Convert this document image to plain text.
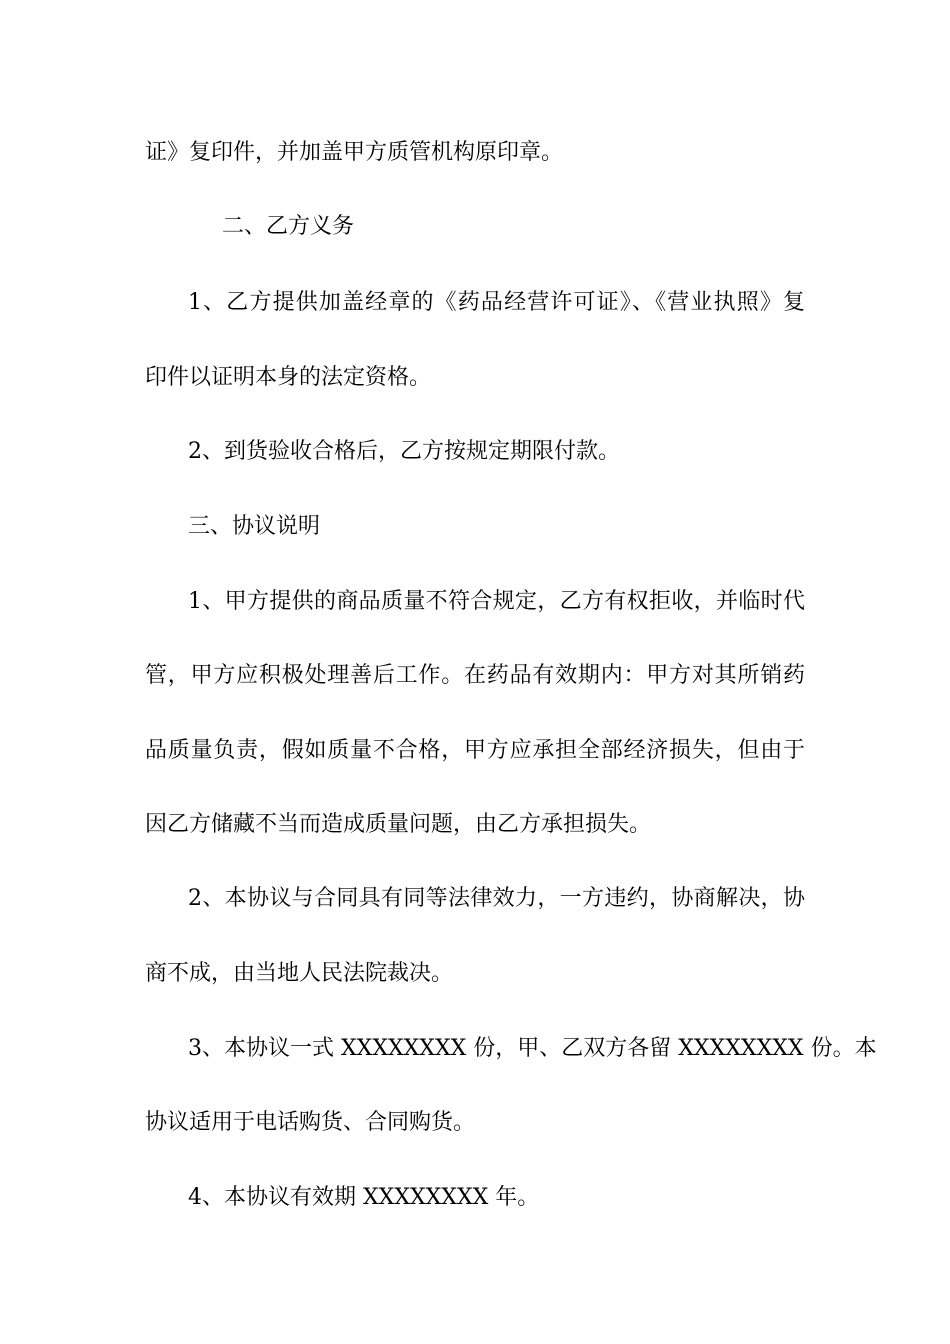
证》复印件，并加盖甲方质管机构原印章。
二、乙方义务
1、乙方提供加盖经章的《药品经营许可证》、《营业执照》复
印件以证明本身的法定资格。
2、到货验收合格后，乙方按规定期限付款。
三、协议说明
1、甲方提供的商品质量不符合规定，乙方有权拒收，并临时代
管，甲方应积极处理善后工作。在药品有效期内：甲方对其所销药
品质量负责，假如质量不合格，甲方应承担全部经济损失，但由于
因乙方储藏不当而造成质量问题，由乙方承担损失。
2、本协议与合同具有同等法律效力，一方违约，协商解决，协
商不成，由当地人民法院裁决。
3、本协议一式 XXXXXXXX 份，甲、乙双方各留 XXXXXXXX 份。本
协议适用于电话购货、合同购货。
4、本协议有效期 XXXXXXXX 年。
